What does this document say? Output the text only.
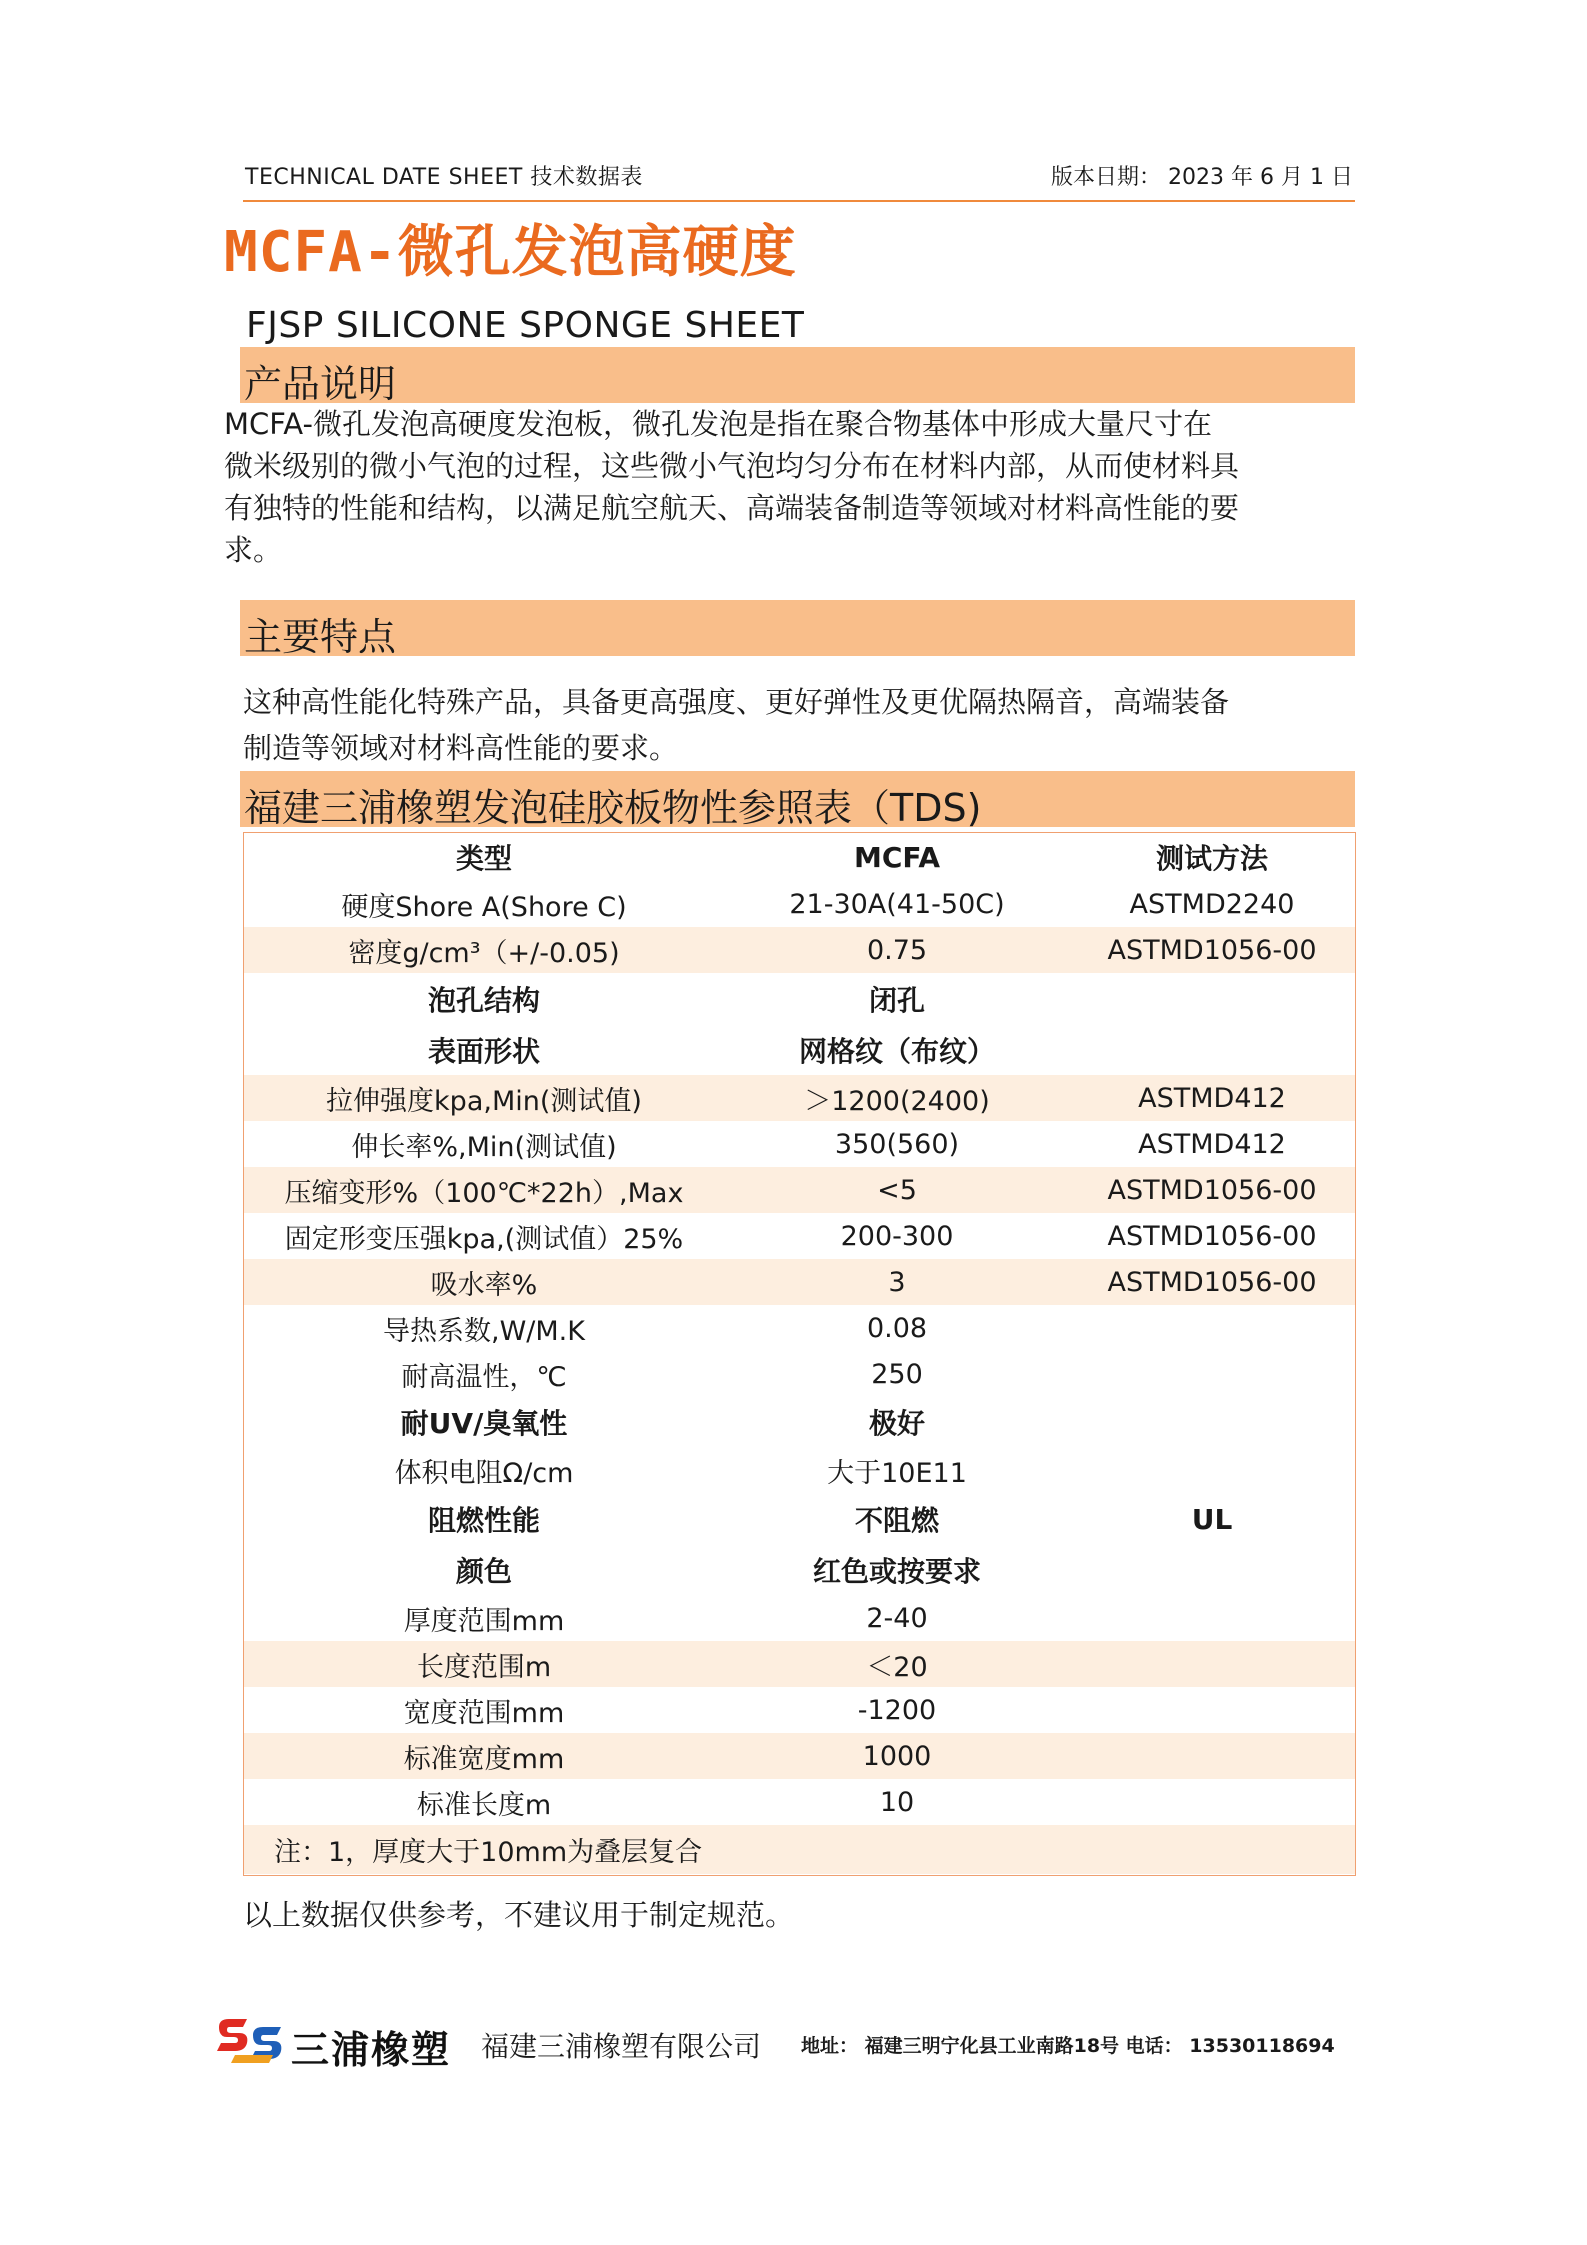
TECHNICAL DATE SHEET 技术数据表	版本日期： 2023 年 6 月 1 日
MCFA-微孔发泡高硬度
FJSP SILICONE SPONGE SHEET
产品说明
MCFA-微孔发泡高硬度发泡板，微孔发泡是指在聚合物基体中形成大量尺寸在
微米级别的微小气泡的过程，这些微小气泡均匀分布在材料内部，从而使材料具
有独特的性能和结构，以满足航空航天、高端装备制造等领域对材料高性能的要
求。
主要特点
这种高性能化特殊产品，具备更高强度、更好弹性及更优隔热隔音，高端装备
制造等领域对材料高性能的要求。
福建三浦橡塑发泡硅胶板物性参照表（TDS)
类型	MCFA	测试方法
硬度Shore A(Shore C)	21-30A(41-50C)	ASTMD2240
密度g/cm³（+/-0.05)	0.75	ASTMD1056-00
泡孔结构	闭孔
表面形状	网格纹（布纹）
拉伸强度kpa,Min(测试值)	＞1200(2400)	ASTMD412
伸长率%,Min(测试值)	350(560)	ASTMD412
压缩变形%（100℃*22h）,Max	<5	ASTMD1056-00
固定形变压强kpa,(测试值）25%	200-300	ASTMD1056-00
吸水率%	3	ASTMD1056-00
导热系数,W/M.K	0.08
耐高温性，℃	250
耐UV/臭氧性	极好
体积电阻Ω/cm	大于10E11
阻燃性能	不阻燃	UL
颜色	红色或按要求
厚度范围mm	2-40
长度范围m	＜20
宽度范围mm	-1200
标准宽度mm	1000
标准长度m	10
注：1，厚度大于10mm为叠层复合
以上数据仅供参考，不建议用于制定规范。
三浦橡塑 福建三浦橡塑有限公司 地址： 福建三明宁化县工业南路18号 电话： 13530118694
